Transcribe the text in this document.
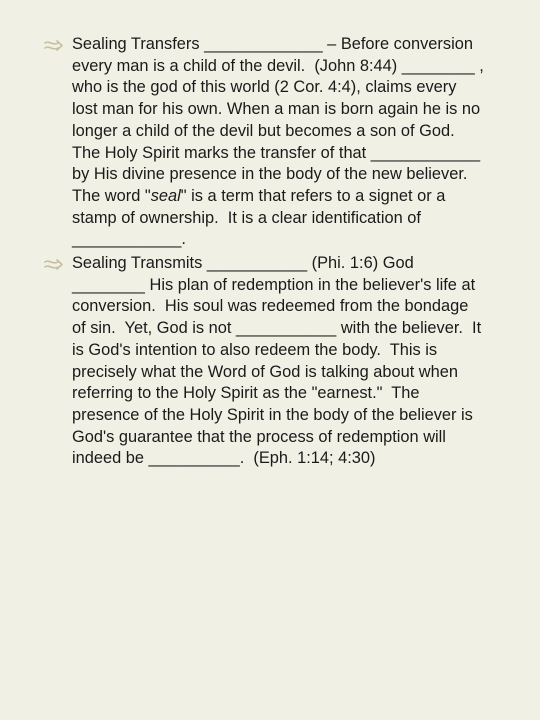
Sealing Transfers _____________ – Before conversion every man is a child of the devil.  (John 8:44) ________ , who is the god of this world (2 Cor. 4:4), claims every lost man for his own. When a man is born again he is no longer a child of the devil but becomes a son of God.  The Holy Spirit marks the transfer of that ____________ by His divine presence in the body of the new believer.  The word "seal" is a term that refers to a signet or a stamp of ownership.  It is a clear identification of ____________.

Sealing Transmits ___________ (Phi. 1:6) God ________ His plan of redemption in the believer's life at conversion.  His soul was redeemed from the bondage of sin.  Yet, God is not ___________ with the believer.  It is God's intention to also redeem the body.  This is precisely what the Word of God is talking about when referring to the Holy Spirit as the "earnest."  The presence of the Holy Spirit in the body of the believer is God's guarantee that the process of redemption will indeed be __________.  (Eph. 1:14; 4:30)
